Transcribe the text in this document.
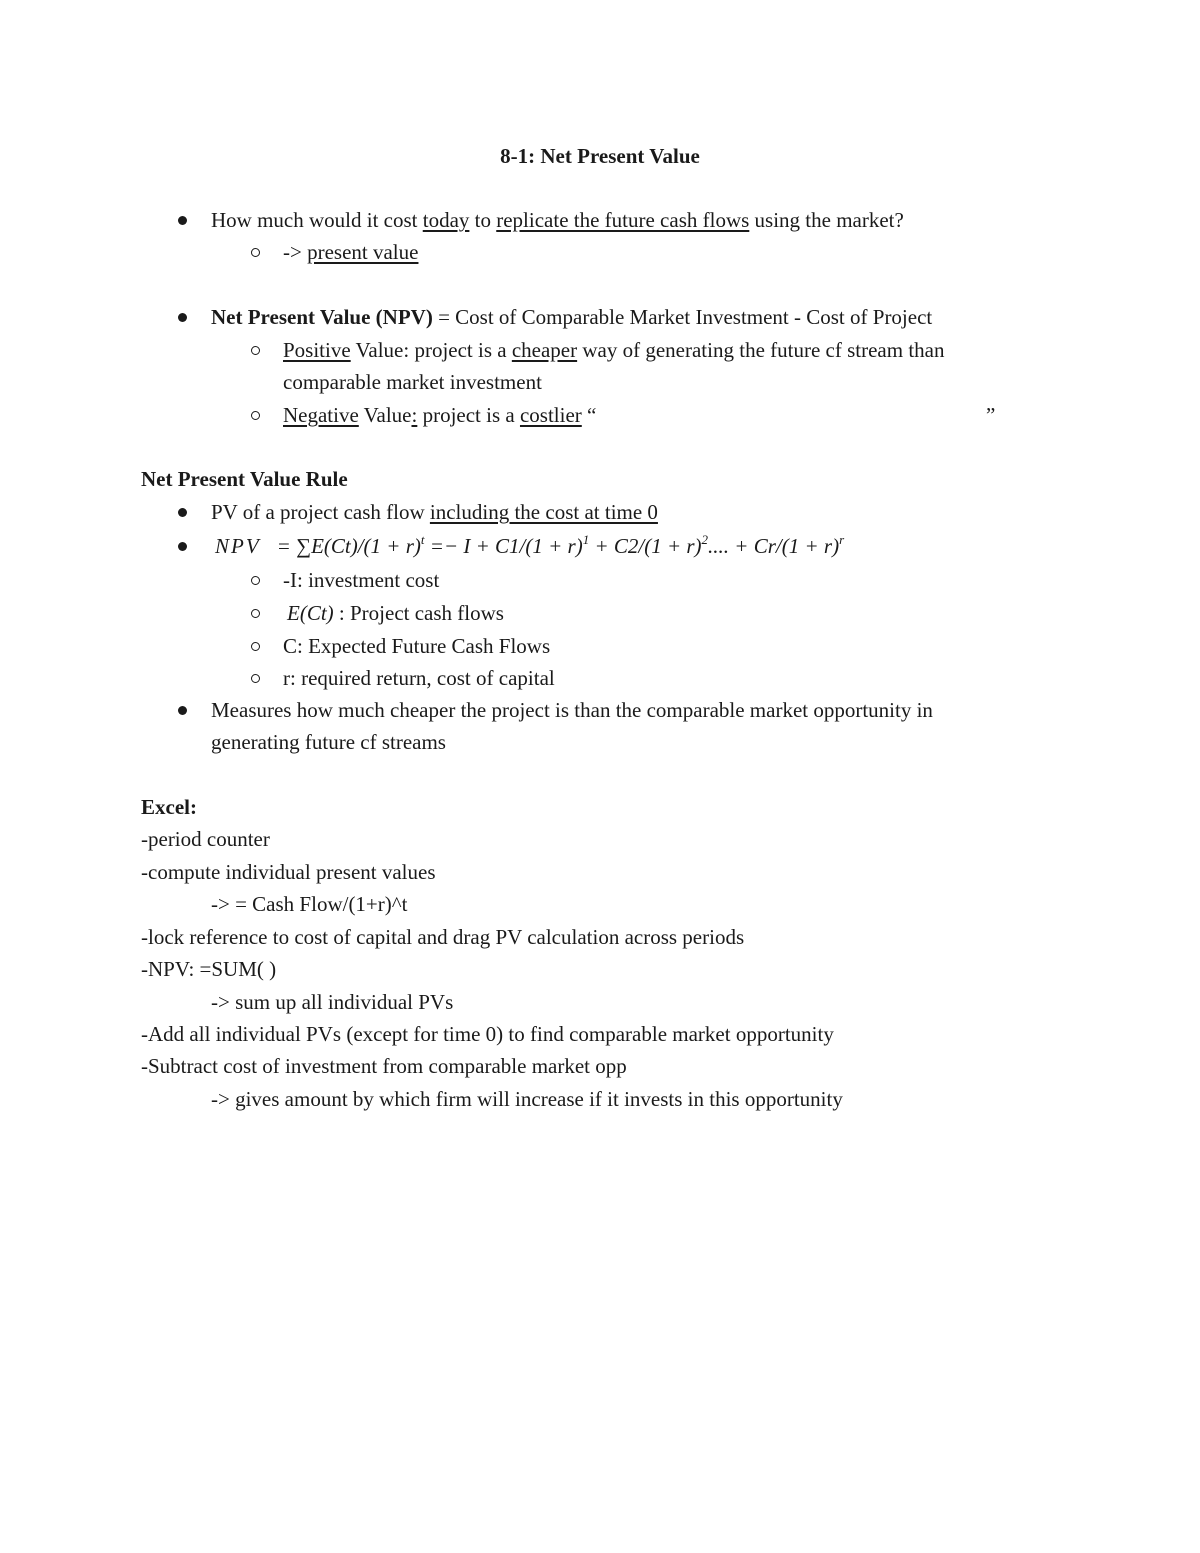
8-1: Net Present Value
How much would it cost today to replicate the future cash flows using the market?
-> present value
Net Present Value (NPV) = Cost of Comparable Market Investment - Cost of Project
Positive Value: project is a cheaper way of generating the future cf stream than
comparable market investment
Negative Value: project is a costlier “	”
Net Present Value Rule
PV of a project cash flow including the cost at time 0
NPV = $\sum E(Ct)/(1 + r)^t =- I + C1/(1 + r)^1 + C2/(1 + r)^2$.... + $Cr/(1 + r)^r$
-I: investment cost
E(Ct) : Project cash flows
C: Expected Future Cash Flows
r: required return, cost of capital
Measures how much cheaper the project is than the comparable market opportunity in
generating future cf streams
Excel:
-period counter
-compute individual present values
-> = Cash Flow/(1+r)^t
-lock reference to cost of capital and drag PV calculation across periods
-NPV: =SUM( )
-> sum up all individual PVs
-Add all individual PVs (except for time 0) to find comparable market opportunity
-Subtract cost of investment from comparable market opp
-> gives amount by which firm will increase if it invests in this opportunity
